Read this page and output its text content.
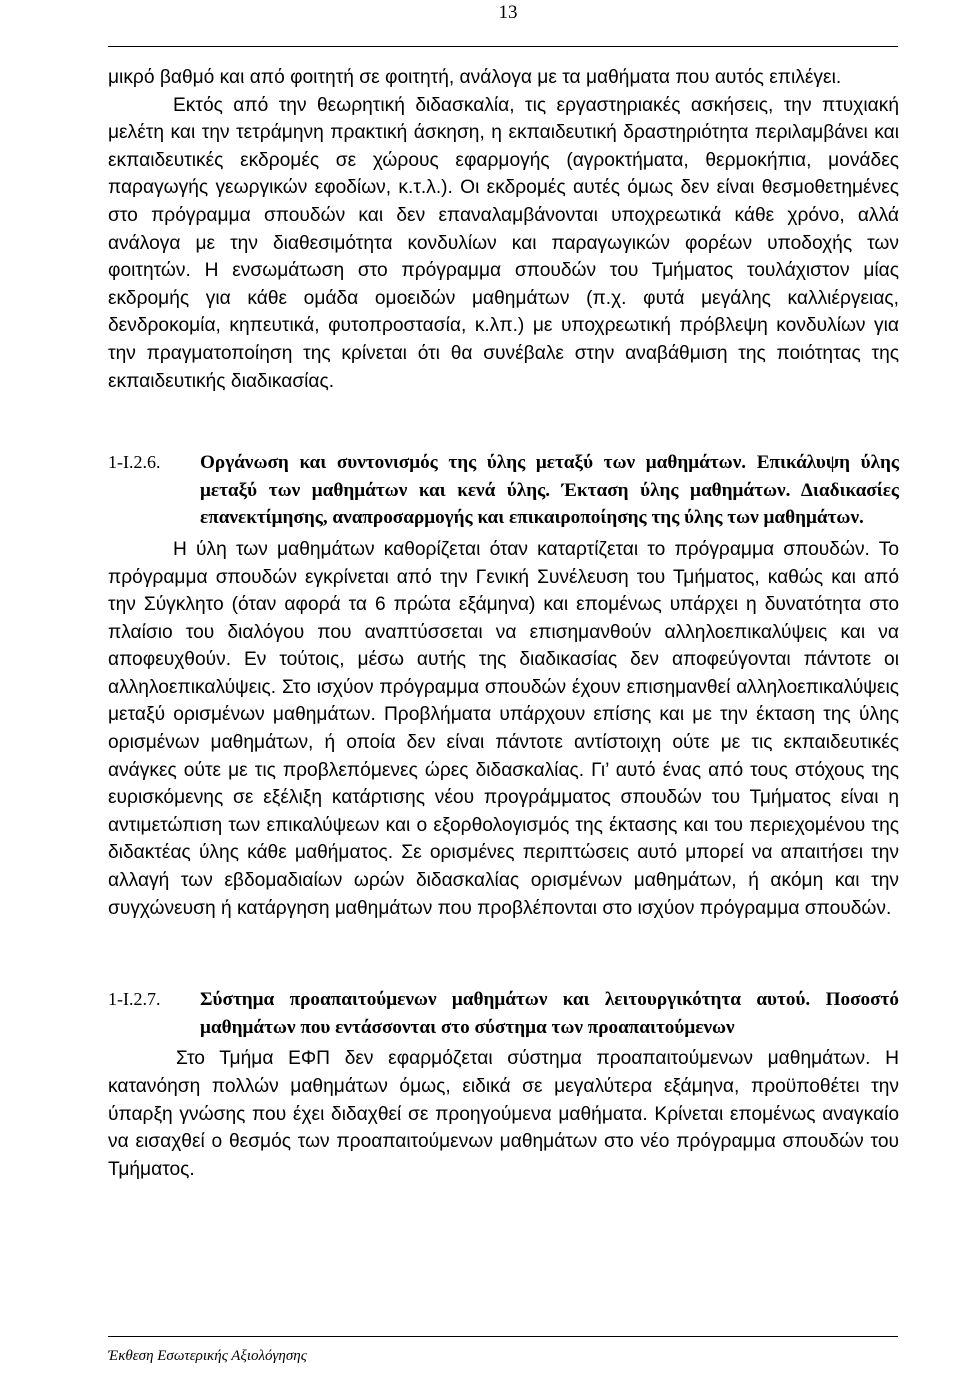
13

μικρό βαθμό και από φοιτητή σε φοιτητή, ανάλογα με τα μαθήματα που αυτός επιλέγει.

Εκτός από την θεωρητική διδασκαλία, τις εργαστηριακές ασκήσεις, την πτυχιακή μελέτη και την τετράμηνη πρακτική άσκηση, η εκπαιδευτική δραστηριότητα περιλαμβάνει και εκπαιδευτικές εκδρομές σε χώρους εφαρμογής (αγροκτήματα, θερμοκήπια, μονάδες παραγωγής γεωργικών εφοδίων, κ.τ.λ.). Οι εκδρομές αυτές όμως δεν είναι θεσμοθετημένες στο πρόγραμμα σπουδών και δεν επαναλαμβάνονται υποχρεωτικά κάθε χρόνο, αλλά ανάλογα με την διαθεσιμότητα κονδυλίων και παραγωγικών φορέων υποδοχής των φοιτητών. Η ενσωμάτωση στο πρόγραμμα σπουδών του Τμήματος τουλάχιστον μίας εκδρομής για κάθε ομάδα ομοειδών μαθημάτων (π.χ. φυτά μεγάλης καλλιέργειας, δενδροκομία, κηπευτικά, φυτοπροστασία, κ.λπ.) με υποχρεωτική πρόβλεψη κονδυλίων για την πραγματοποίηση της κρίνεται ότι θα συνέβαλε στην αναβάθμιση της ποιότητας της εκπαιδευτικής διαδικασίας.

1-Ι.2.6.	Οργάνωση και συντονισμός της ύλης μεταξύ των μαθημάτων. Επικάλυψη ύλης μεταξύ των μαθημάτων και κενά ύλης. Έκταση ύλης μαθημάτων. Διαδικασίες επανεκτίμησης, αναπροσαρμογής και επικαιροποίησης της ύλης των μαθημάτων.

Η ύλη των μαθημάτων καθορίζεται όταν καταρτίζεται το πρόγραμμα σπουδών. Το πρόγραμμα σπουδών εγκρίνεται από την Γενική Συνέλευση του Τμήματος, καθώς και από την Σύγκλητο (όταν αφορά τα 6 πρώτα εξάμηνα) και επομένως υπάρχει η δυνατότητα στο πλαίσιο του διαλόγου που αναπτύσσεται να επισημανθούν αλληλοεπικαλύψεις και να αποφευχθούν. Εν τούτοις, μέσω αυτής της διαδικασίας δεν αποφεύγονται πάντοτε οι αλληλοεπικαλύψεις. Στο ισχύον πρόγραμμα σπουδών έχουν επισημανθεί αλληλοεπικαλύψεις μεταξύ ορισμένων μαθημάτων. Προβλήματα υπάρχουν επίσης και με την έκταση της ύλης ορισμένων μαθημάτων, ή οποία δεν είναι πάντοτε αντίστοιχη ούτε με τις εκπαιδευτικές ανάγκες ούτε με τις προβλεπόμενες ώρες διδασκαλίας. Γι’ αυτό ένας από τους στόχους της ευρισκόμενης σε εξέλιξη κατάρτισης νέου προγράμματος σπουδών του Τμήματος είναι η αντιμετώπιση των επικαλύψεων και ο εξορθολογισμός της έκτασης και του περιεχομένου της διδακτέας ύλης κάθε μαθήματος. Σε ορισμένες περιπτώσεις αυτό μπορεί να απαιτήσει την αλλαγή των εβδομαδιαίων ωρών διδασκαλίας ορισμένων μαθημάτων, ή ακόμη και την συγχώνευση ή κατάργηση μαθημάτων που προβλέπονται στο ισχύον πρόγραμμα σπουδών.

1-Ι.2.7.	Σύστημα προαπαιτούμενων μαθημάτων και λειτουργικότητα αυτού. Ποσοστό μαθημάτων που εντάσσονται στο σύστημα των προαπαιτούμενων

Στο Τμήμα ΕΦΠ δεν εφαρμόζεται σύστημα προαπαιτούμενων μαθημάτων. Η κατανόηση πολλών μαθημάτων όμως, ειδικά σε μεγαλύτερα εξάμηνα, προϋποθέτει την ύπαρξη γνώσης που έχει διδαχθεί σε προηγούμενα μαθήματα. Κρίνεται επομένως αναγκαίο να εισαχθεί ο θεσμός των προαπαιτούμενων μαθημάτων στο νέο πρόγραμμα σπουδών του Τμήματος.

Έκθεση Εσωτερικής Αξιολόγησης
